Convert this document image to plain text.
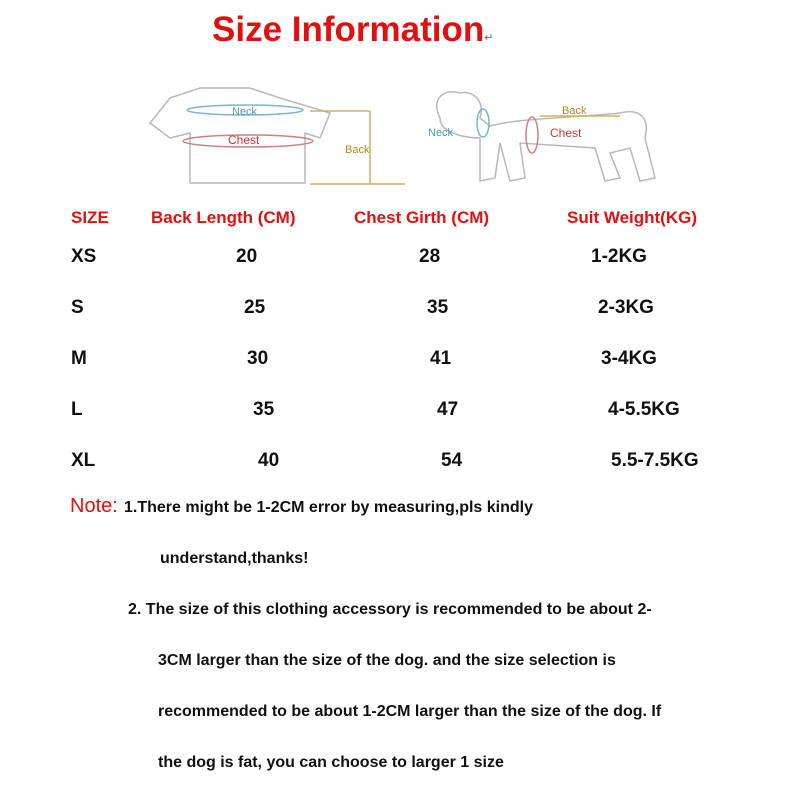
Size Information↵
Neck
Chest
Back
Neck	Chest
Back
SIZE Back Length (CM)	Chest Girth (CM)	Suit Weight(KG)
XS	20	28	1-2KG
S	25	35	2-3KG
M	30	41	3-4KG
L	35	47	4-5.5KG
XL	40	54	5.5-7.5KG
Note: 1.There might be 1-2CM error by measuring,pls kindly
understand,thanks!
2. The size of this clothing accessory is recommended to be about 2-
3CM larger than the size of the dog. and the size selection is
recommended to be about 1-2CM larger than the size of the dog. If
the dog is fat, you can choose to larger 1 size
